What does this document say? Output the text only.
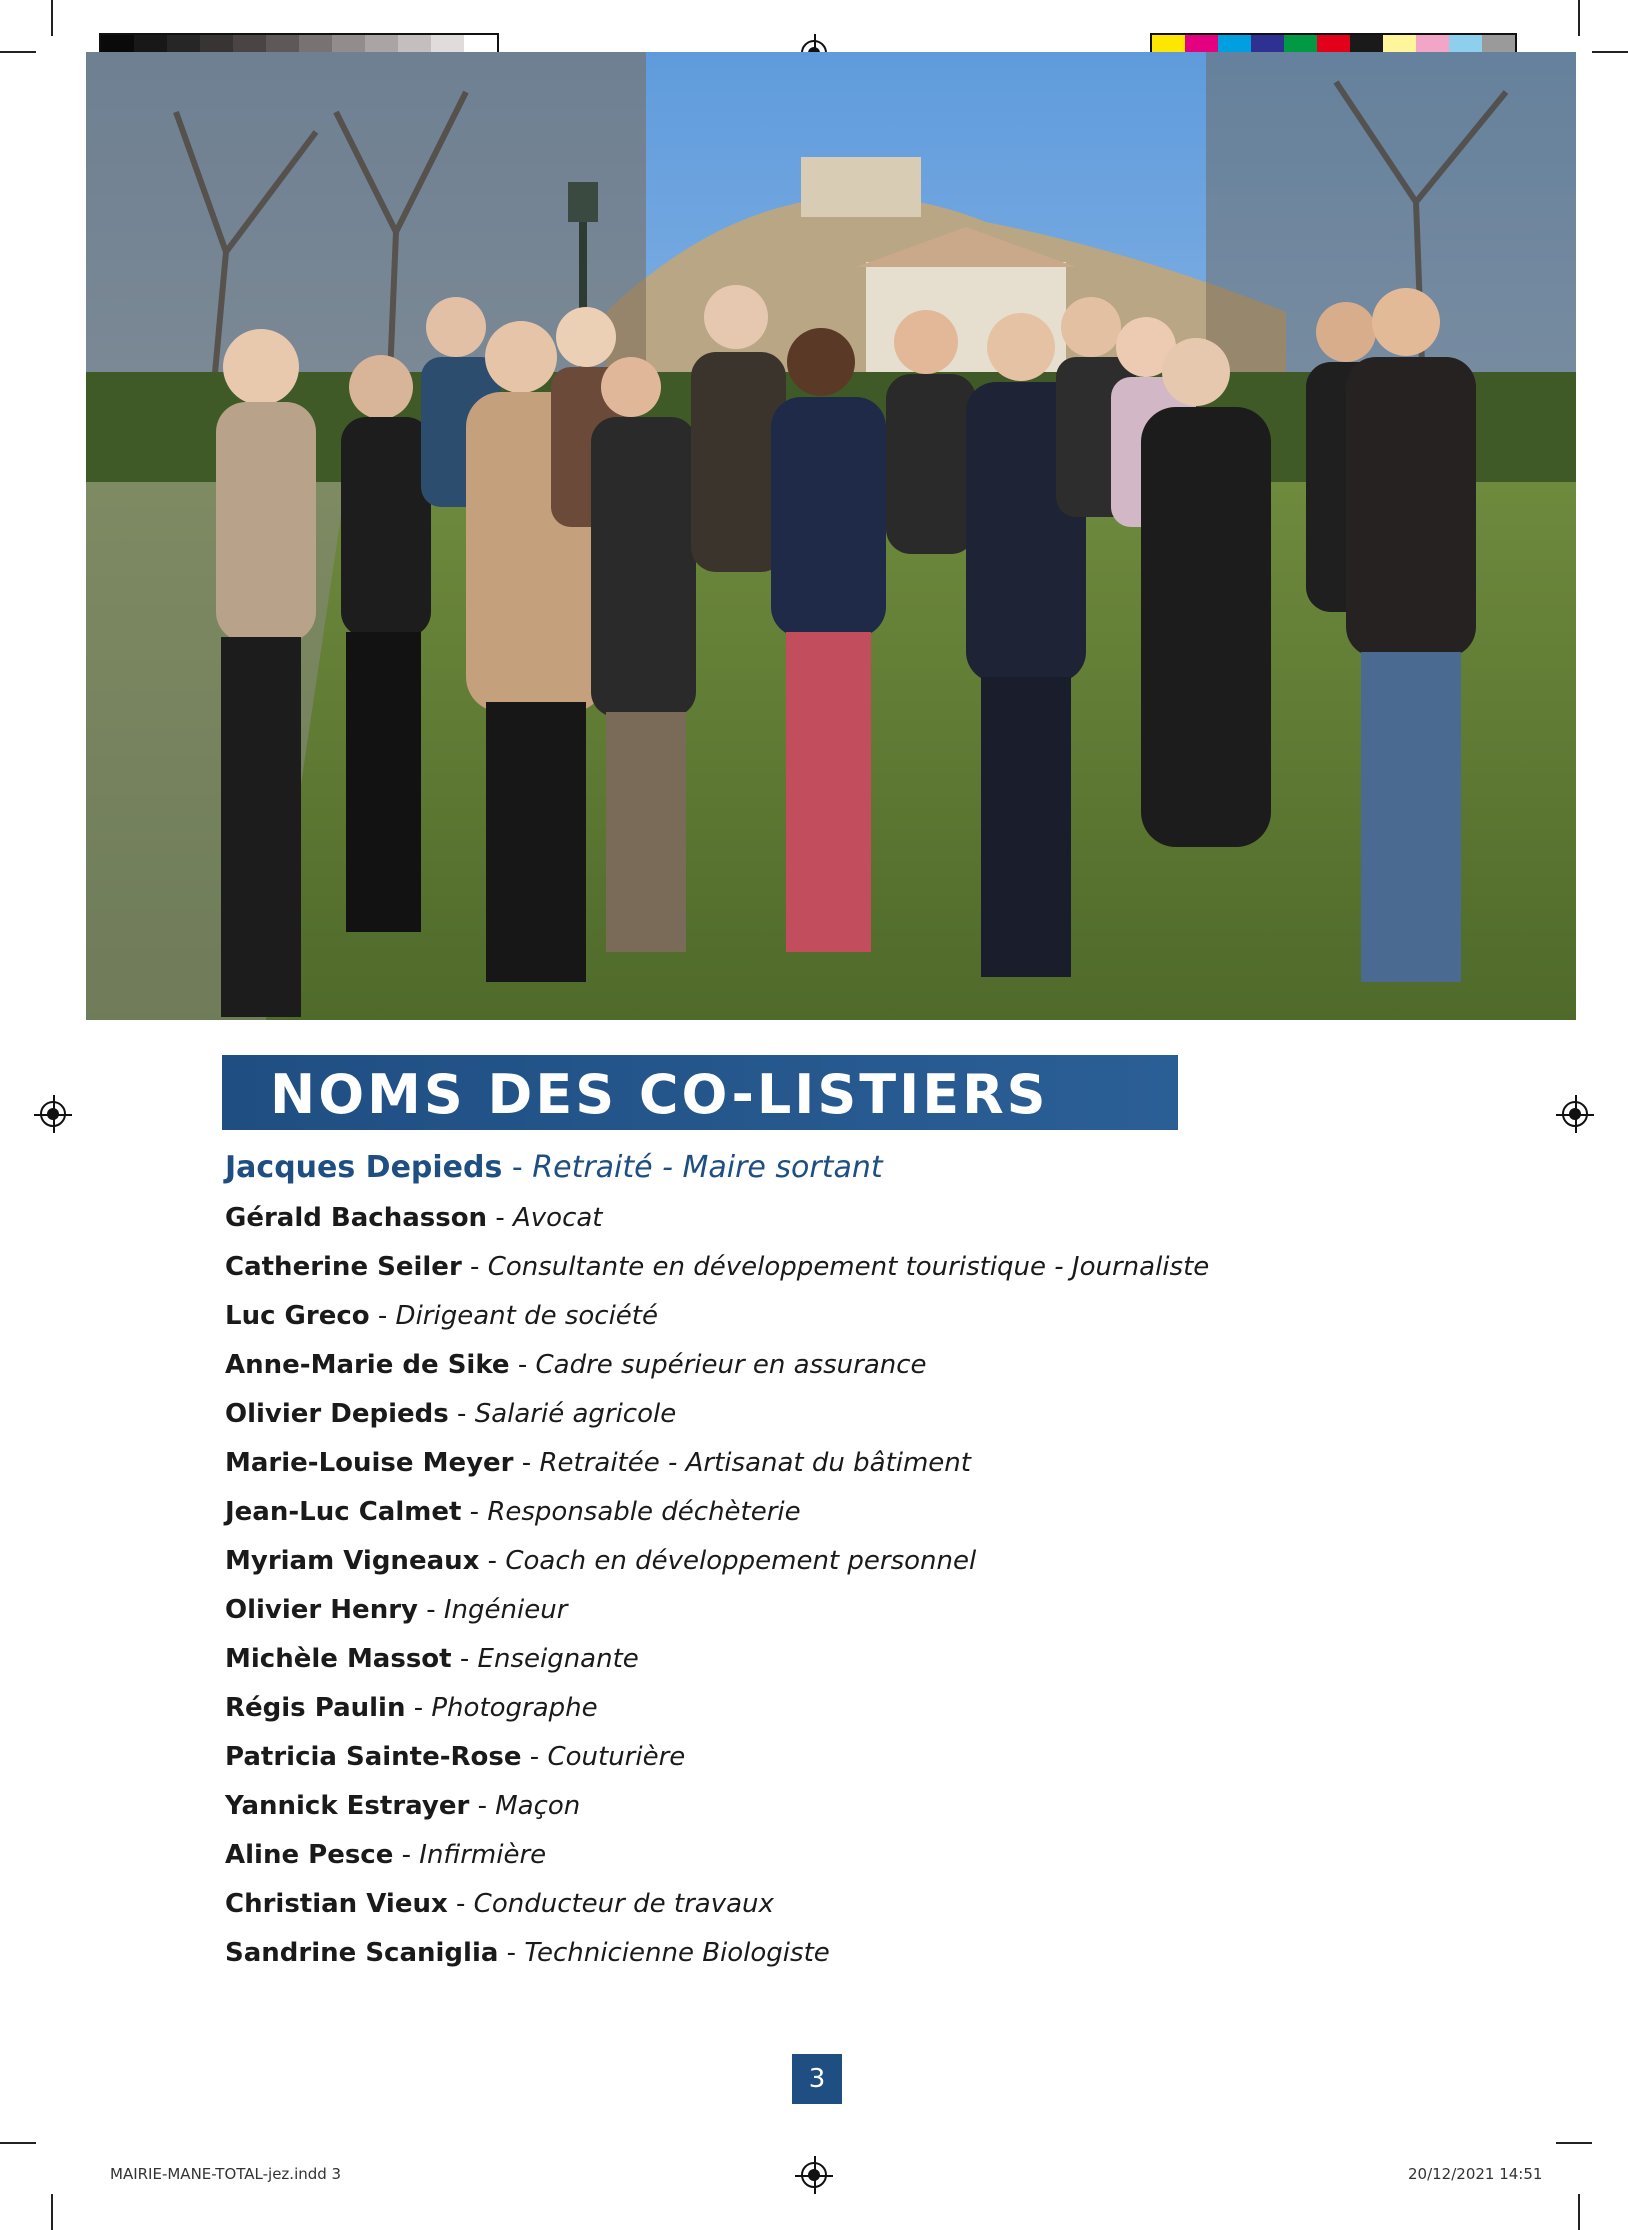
NOMS DES CO-LISTIERS
Jacques Depieds - Retraité - Maire sortant
Gérald Bachasson - Avocat
Catherine Seiler - Consultante en développement touristique - Journaliste
Luc Greco - Dirigeant de société
Anne-Marie de Sike - Cadre supérieur en assurance
Olivier Depieds - Salarié agricole
Marie-Louise Meyer - Retraitée - Artisanat du bâtiment
Jean-Luc Calmet - Responsable déchèterie
Myriam Vigneaux - Coach en développement personnel
Olivier Henry - Ingénieur
Michèle Massot - Enseignante
Régis Paulin - Photographe
Patricia Sainte-Rose - Couturière
Yannick Estrayer - Maçon
Aline Pesce - Infirmière
Christian Vieux - Conducteur de travaux
Sandrine Scaniglia - Technicienne Biologiste
3
MAIRIE-MANE-TOTAL-jez.indd 3	20/12/2021 14:51
